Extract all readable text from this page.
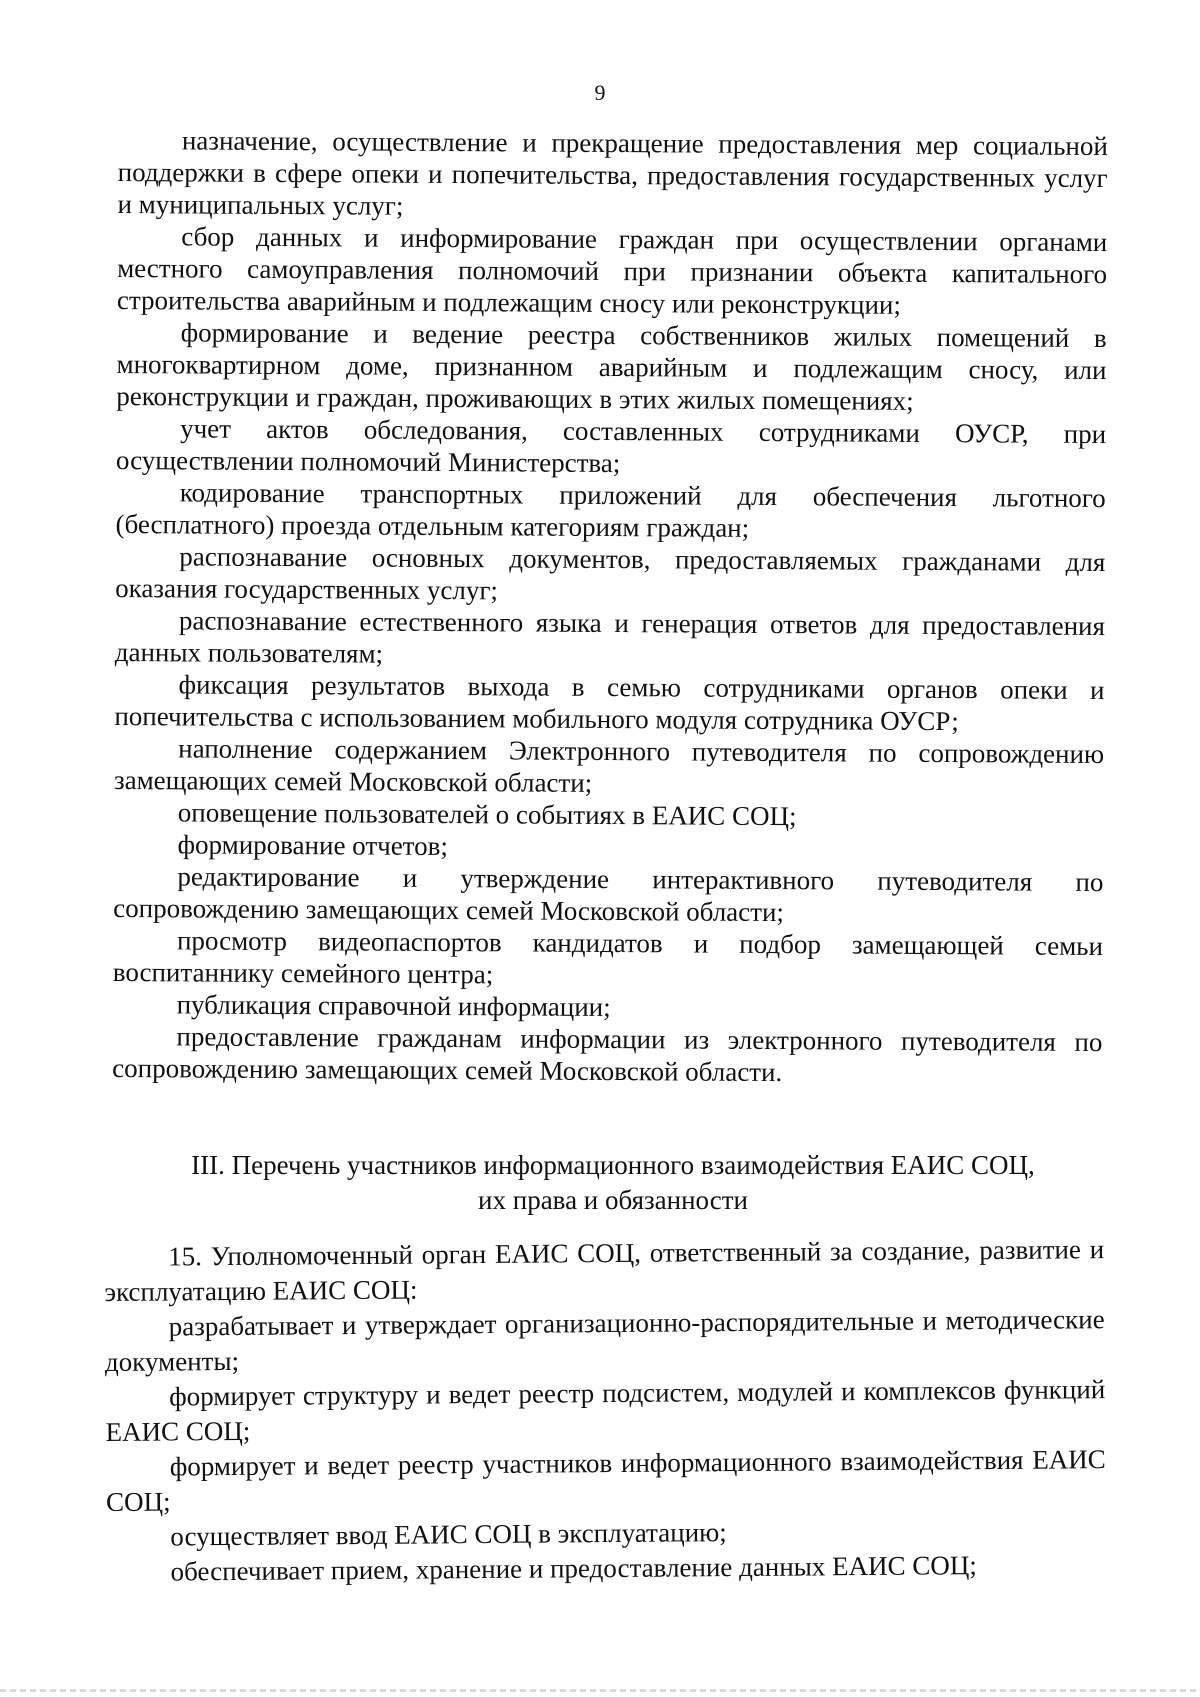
9

назначение, осуществление и прекращение предоставления мер социальной поддержки в сфере опеки и попечительства, предоставления государственных услуг и муниципальных услуг;

сбор данных и информирование граждан при осуществлении органами местного самоуправления полномочий при признании объекта капитального строительства аварийным и подлежащим сносу или реконструкции;

формирование и ведение реестра собственников жилых помещений в многоквартирном доме, признанном аварийным и подлежащим сносу, или реконструкции и граждан, проживающих в этих жилых помещениях;

учет актов обследования, составленных сотрудниками ОУСР, при осуществлении полномочий Министерства;

кодирование транспортных приложений для обеспечения льготного (бесплатного) проезда отдельным категориям граждан;

распознавание основных документов, предоставляемых гражданами для оказания государственных услуг;

распознавание естественного языка и генерация ответов для предоставления данных пользователям;

фиксация результатов выхода в семью сотрудниками органов опеки и попечительства с использованием мобильного модуля сотрудника ОУСР;

наполнение содержанием Электронного путеводителя по сопровождению замещающих семей Московской области;

оповещение пользователей о событиях в ЕАИС СОЦ;

формирование отчетов;

редактирование и утверждение интерактивного путеводителя по сопровождению замещающих семей Московской области;

просмотр видеопаспортов кандидатов и подбор замещающей семьи воспитаннику семейного центра;

публикация справочной информации;

предоставление гражданам информации из электронного путеводителя по сопровождению замещающих семей Московской области.

III. Перечень участников информационного взаимодействия ЕАИС СОЦ,
их права и обязанности

15. Уполномоченный орган ЕАИС СОЦ, ответственный за создание, развитие и эксплуатацию ЕАИС СОЦ:

разрабатывает и утверждает организационно-распорядительные и методические документы;

формирует структуру и ведет реестр подсистем, модулей и комплексов функций ЕАИС СОЦ;

формирует и ведет реестр участников информационного взаимодействия ЕАИС СОЦ;

осуществляет ввод ЕАИС СОЦ в эксплуатацию;

обеспечивает прием, хранение и предоставление данных ЕАИС СОЦ;
